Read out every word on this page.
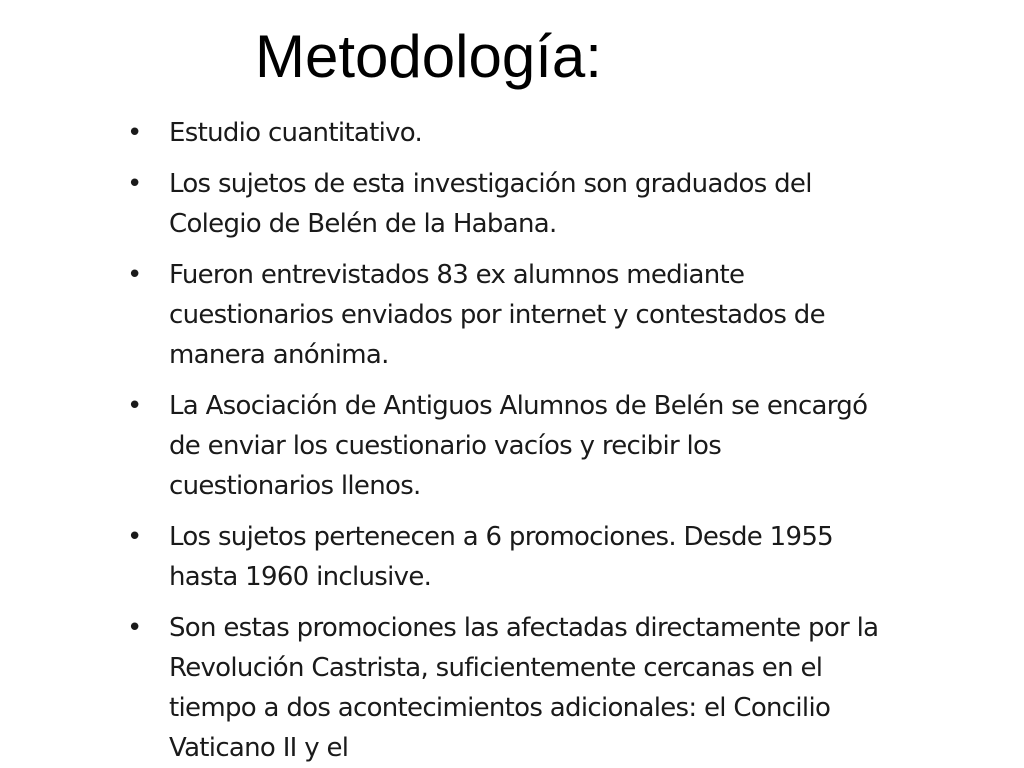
Metodología:
• Estudio cuantitativo.
• Los sujetos de esta investigación son graduados del Colegio de Belén de la Habana.
• Fueron entrevistados 83 ex alumnos mediante cuestionarios enviados por internet y contestados de manera anónima.
• La Asociación de Antiguos Alumnos de Belén se encargó de enviar los cuestionario vacíos y recibir los cuestionarios llenos.
• Los sujetos pertenecen a 6 promociones. Desde 1955 hasta 1960 inclusive.
• Son estas promociones las afectadas directamente por la Revolución Castrista, suficientemente cercanas en el tiempo a dos acontecimientos adicionales: el Concilio Vaticano II y el
